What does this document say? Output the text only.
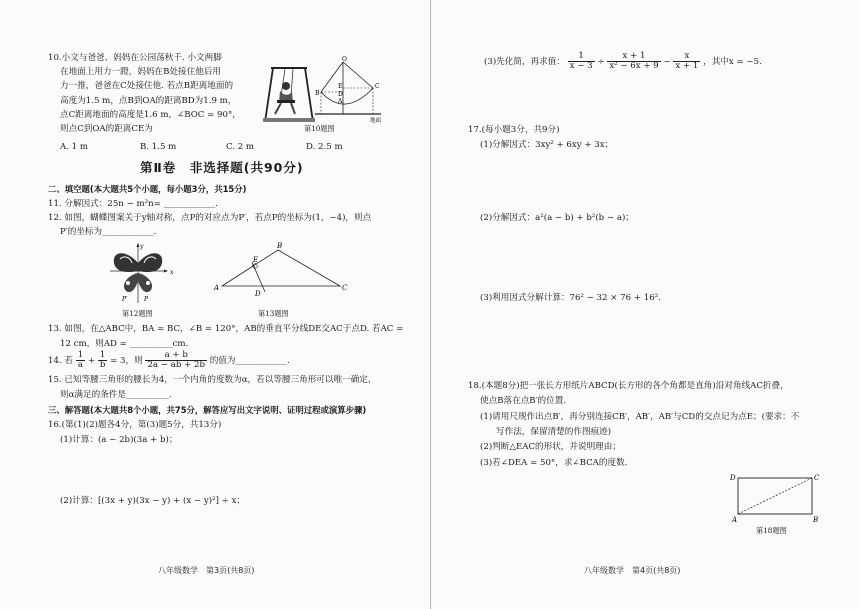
10.小文与爸爸、妈妈在公园荡秋千. 小文两脚
在地面上用力一蹬，妈妈在B处接住他后用
力一推，爸爸在C处接住他. 若点B距离地面的
高度为1.5 m，点B到OA的距离BD为1.9 m，
点C距离地面的高度是1.6 m，∠BOC = 90°，
则点C到OA的距离CE为
A. 1 m	B. 1.5 m	C. 2 m	D. 2.5 m
O
B
C
E
D
A
地面
第10题图
第Ⅱ卷　非选择题(共90分)
二、填空题(本大题共5个小题，每小题3分，共15分)
11. 分解因式：25n − m²n= ____________.
12. 如图，蝴蝶图案关于y轴对称，点P的对应点为P′，若点P的坐标为(1，−4)，则点
P′的坐标为____________.
y
x
P′	P
第12题图
A
B
C
D
E
第13题图
13. 如图，在△ABC中，BA = BC，∠B = 120°，AB的垂直平分线DE交AC于点D. 若AC =
12 cm，则AD = __________cm.
14. 若 $\frac{1}{a} + \frac{1}{b} = 3$，则 $\frac{a + b}{2a - ab + 2b}$ 的值为____________.
15. 已知等腰三角形的腰长为4，一个内角的度数为α，若以等腰三角形可以唯一确定，
则α满足的条件是__________.
三、解答题(本大题共8个小题，共75分，解答应写出文字说明、证明过程或演算步骤)
16.(第(1)(2)题各4分，第(3)题5分，共13分)
(1)计算：(a − 2b)(3a + b)；
(2)计算：[(3x + y)(3x − y) + (x − y)²] ÷ x；
八年级数学　第3页(共8页)
(3)先化简，再求值： $\frac{1}{x - 3} \div \frac{x + 1}{\text{x² − 6x + 9}} - \frac{x}{x + 1}$ ，其中x = −5.
17.(每小题3分，共9分)
(1)分解因式：3xy² + 6xy + 3x；
(2)分解因式：a²(a − b) + b²(b − a)；
(3)利用因式分解计算：76² − 32 × 76 + 16².
18.(本题8分)把一张长方形纸片ABCD(长方形的各个角都是直角)沿对角线AC折叠，
使点B落在点B′的位置.
(1)请用尺规作出点B′，再分别连接CB′，AB′，AB′与CD的交点记为点E；(要求：不
写作法，保留清楚的作图痕迹)
(2)判断△EAC的形状，并说明理由；
(3)若∠DEA = 50°，求∠BCA的度数.
D	C
A	B
第18题图
八年级数学　第4页(共8页)
